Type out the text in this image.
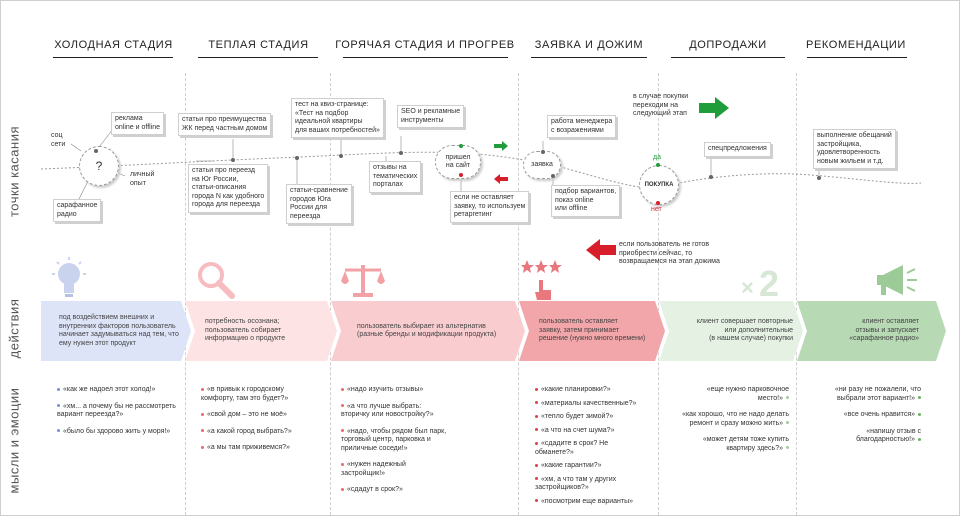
ХОЛОДНАЯ СТАДИЯ	ТЕПЛАЯ СТАДИЯ	ГОРЯЧАЯ СТАДИЯ И ПРОГРЕВ	ЗАЯВКА И ДОЖИМ	ДОПРОДАЖИ	РЕКОМЕНДАЦИИ
точки касания
действия
мысли и эмоции
соц
сети
реклама
online и offline
?
личный
опыт
сарафанное
радио
статьи про преимущества
ЖК перед частным домом
статьи про переезд
на Юг России,
статьи-описания
города N как удобного
города для переезда
статьи-сравнение
городов Юга
России для
переезда
тест на квиз-странице:
«Тест на подбор
идеальной квартиры
для ваших потребностей»
SEO и рекламные
инструменты
отзывы на
тематических
порталах
пришел
на сайт
если не оставляет
заявку, то используем
ретаргетинг
работа менеджера
с возражениями
заявка
подбор вариантов,
показ online
или offline
ПОКУПКА
да
нет
в случае покупки
переходим на
следующий этап
если пользователь не готов
приобрести сейчас, то
возвращаемся на этап дожима
спецпредложения
выполнение обещаний
застройщика,
удовлетворенность
новым жильем и т.д.
× 2
под воздействием внешних и
внутренних факторов пользователь
начинает задумываться над тем, что
ему нужен этот продукт
потребность осознана;
пользователь собирает
информацию о продукте
пользователь выбирает из альтернатив
(разные бренды и модификации продукта)
пользователь оставляет
заявку, затем принимает
решение (нужно много времени)
клиент совершает повторные
или дополнительные
(в нашем случае) покупки
клиент оставляет
отзывы и запускает
«сарафанное радио»
«как же надоел этот холод!»
«хм... а почему бы не рассмотреть
вариант переезда?»
«было бы здорово жить у моря!»
«в привык к городскому
комфорту, там это будет?»
«свой дом – это не моё»
«а какой город выбрать?»
«а мы там приживемся?»
«надо изучить отзывы»
«а что лучше выбрать:
вторичку или новостройку?»
«надо, чтобы рядом был парк,
торговый центр, парковка и
приличные соседи!»
«нужен надежный
застройщик!»
«сдадут в срок?»
«какие планировки?»
«материалы качественные?»
«тепло будет зимой?»
«а что на счет шума?»
«сдадите в срок? Не
обманете?»
«какие гарантии?»
«хм, а что там у других
застройщиков?»
«посмотрим еще варианты»
«еще нужно парковочное
место!»
«как хорошо, что не надо делать
ремонт и сразу можно жить»
«может детям тоже купить
квартиру здесь?»
«ни разу не пожалели, что
выбрали этот вариант!»
«все очень нравится»
«напишу отзыв с
благодарностью!»
